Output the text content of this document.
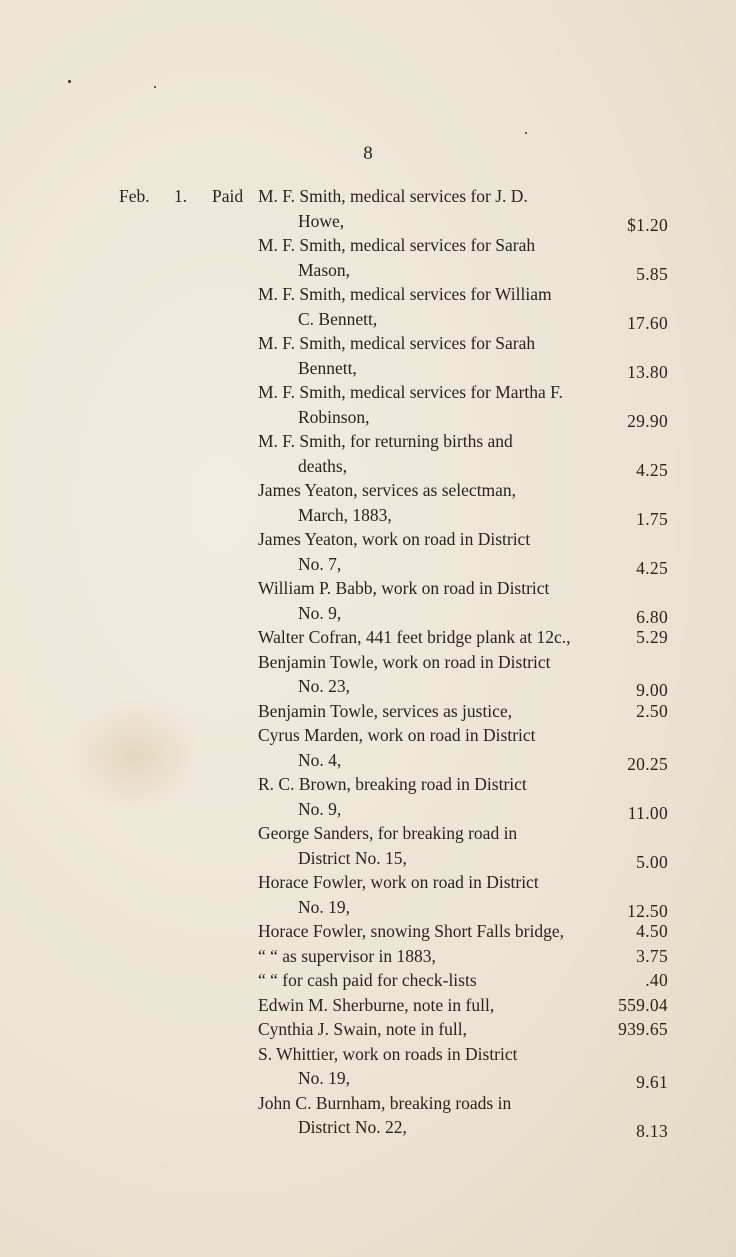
8
Feb. 1. Paid M. F. Smith, medical services for J. D.
Howe,	$1.20
M. F. Smith, medical services for Sarah
Mason,	5.85
M. F. Smith, medical services for William
C. Bennett,	17.60
M. F. Smith, medical services for Sarah
Bennett,	13.80
M. F. Smith, medical services for Martha F.
Robinson,	29.90
M. F. Smith, for returning births and
deaths,	4.25
James Yeaton, services as selectman,
March, 1883,	1.75
James Yeaton, work on road in District
No. 7,	4.25
William P. Babb, work on road in District
No. 9,	6.80
Walter Cofran, 441 feet bridge plank at 12c.,	5.29
Benjamin Towle, work on road in District
No. 23,	9.00
Benjamin Towle, services as justice,	2.50
Cyrus Marden, work on road in District
No. 4,	20.25
R. C. Brown, breaking road in District
No. 9,	11.00
George Sanders, for breaking road in
District No. 15,	5.00
Horace Fowler, work on road in District
No. 19,	12.50
Horace Fowler, snowing Short Falls bridge,	4.50
“ “ as supervisor in 1883,	3.75
“ “ for cash paid for check-lists	.40
Edwin M. Sherburne, note in full,	559.04
Cynthia J. Swain, note in full,	939.65
S. Whittier, work on roads in District
No. 19,	9.61
John C. Burnham, breaking roads in
District No. 22,	8.13
